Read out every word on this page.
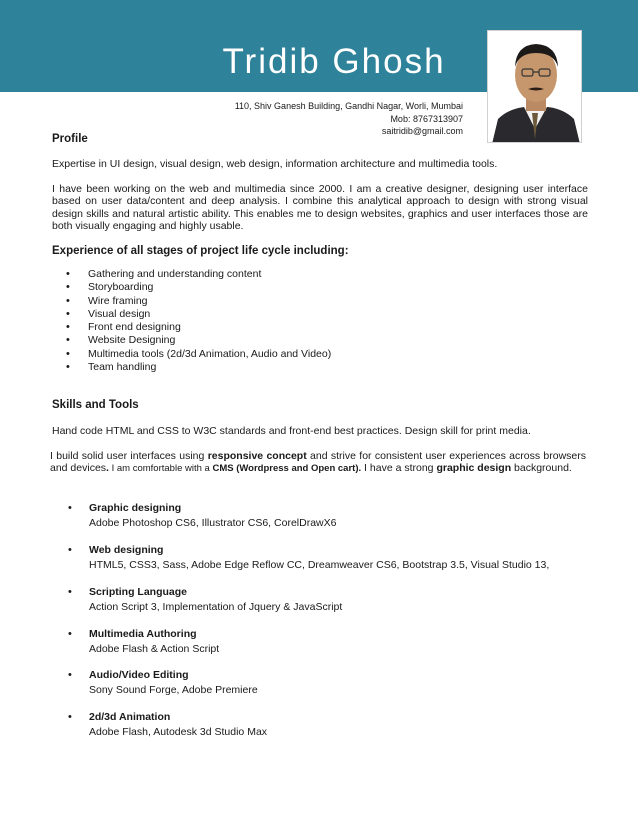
Tridib Ghosh
110, Shiv Ganesh Building, Gandhi Nagar, Worli, Mumbai
Mob: 8767313907
saitridib@gmail.com
Profile
Expertise in UI design, visual design, web design, information architecture and multimedia tools.
I have been working on the web and multimedia since 2000. I am a creative designer, designing user interface based on user data/content and deep analysis. I combine this analytical approach to design with strong visual design skills and natural artistic ability. This enables me to design websites, graphics and user interfaces those are both visually engaging and highly usable.
Experience of all stages of project life cycle including:
• Gathering and understanding content
• Storyboarding
• Wire framing
• Visual design
• Front end designing
• Website Designing
• Multimedia tools (2d/3d Animation, Audio and Video)
• Team handling
Skills and Tools
Hand code HTML and CSS to W3C standards and front-end best practices. Design skill for print media.
I build solid user interfaces using responsive concept and strive for consistent user experiences across browsers and devices. I am comfortable with a CMS (Wordpress and Open cart). I have a strong graphic design background.
• Graphic designing
Adobe Photoshop CS6, Illustrator CS6, CorelDrawX6
• Web designing
HTML5, CSS3, Sass, Adobe Edge Reflow CC, Dreamweaver CS6, Bootstrap 3.5, Visual Studio 13,
• Scripting Language
Action Script 3, Implementation of Jquery & JavaScript
• Multimedia Authoring
Adobe Flash & Action Script
• Audio/Video Editing
Sony Sound Forge, Adobe Premiere
• 2d/3d Animation
Adobe Flash, Autodesk 3d Studio Max
